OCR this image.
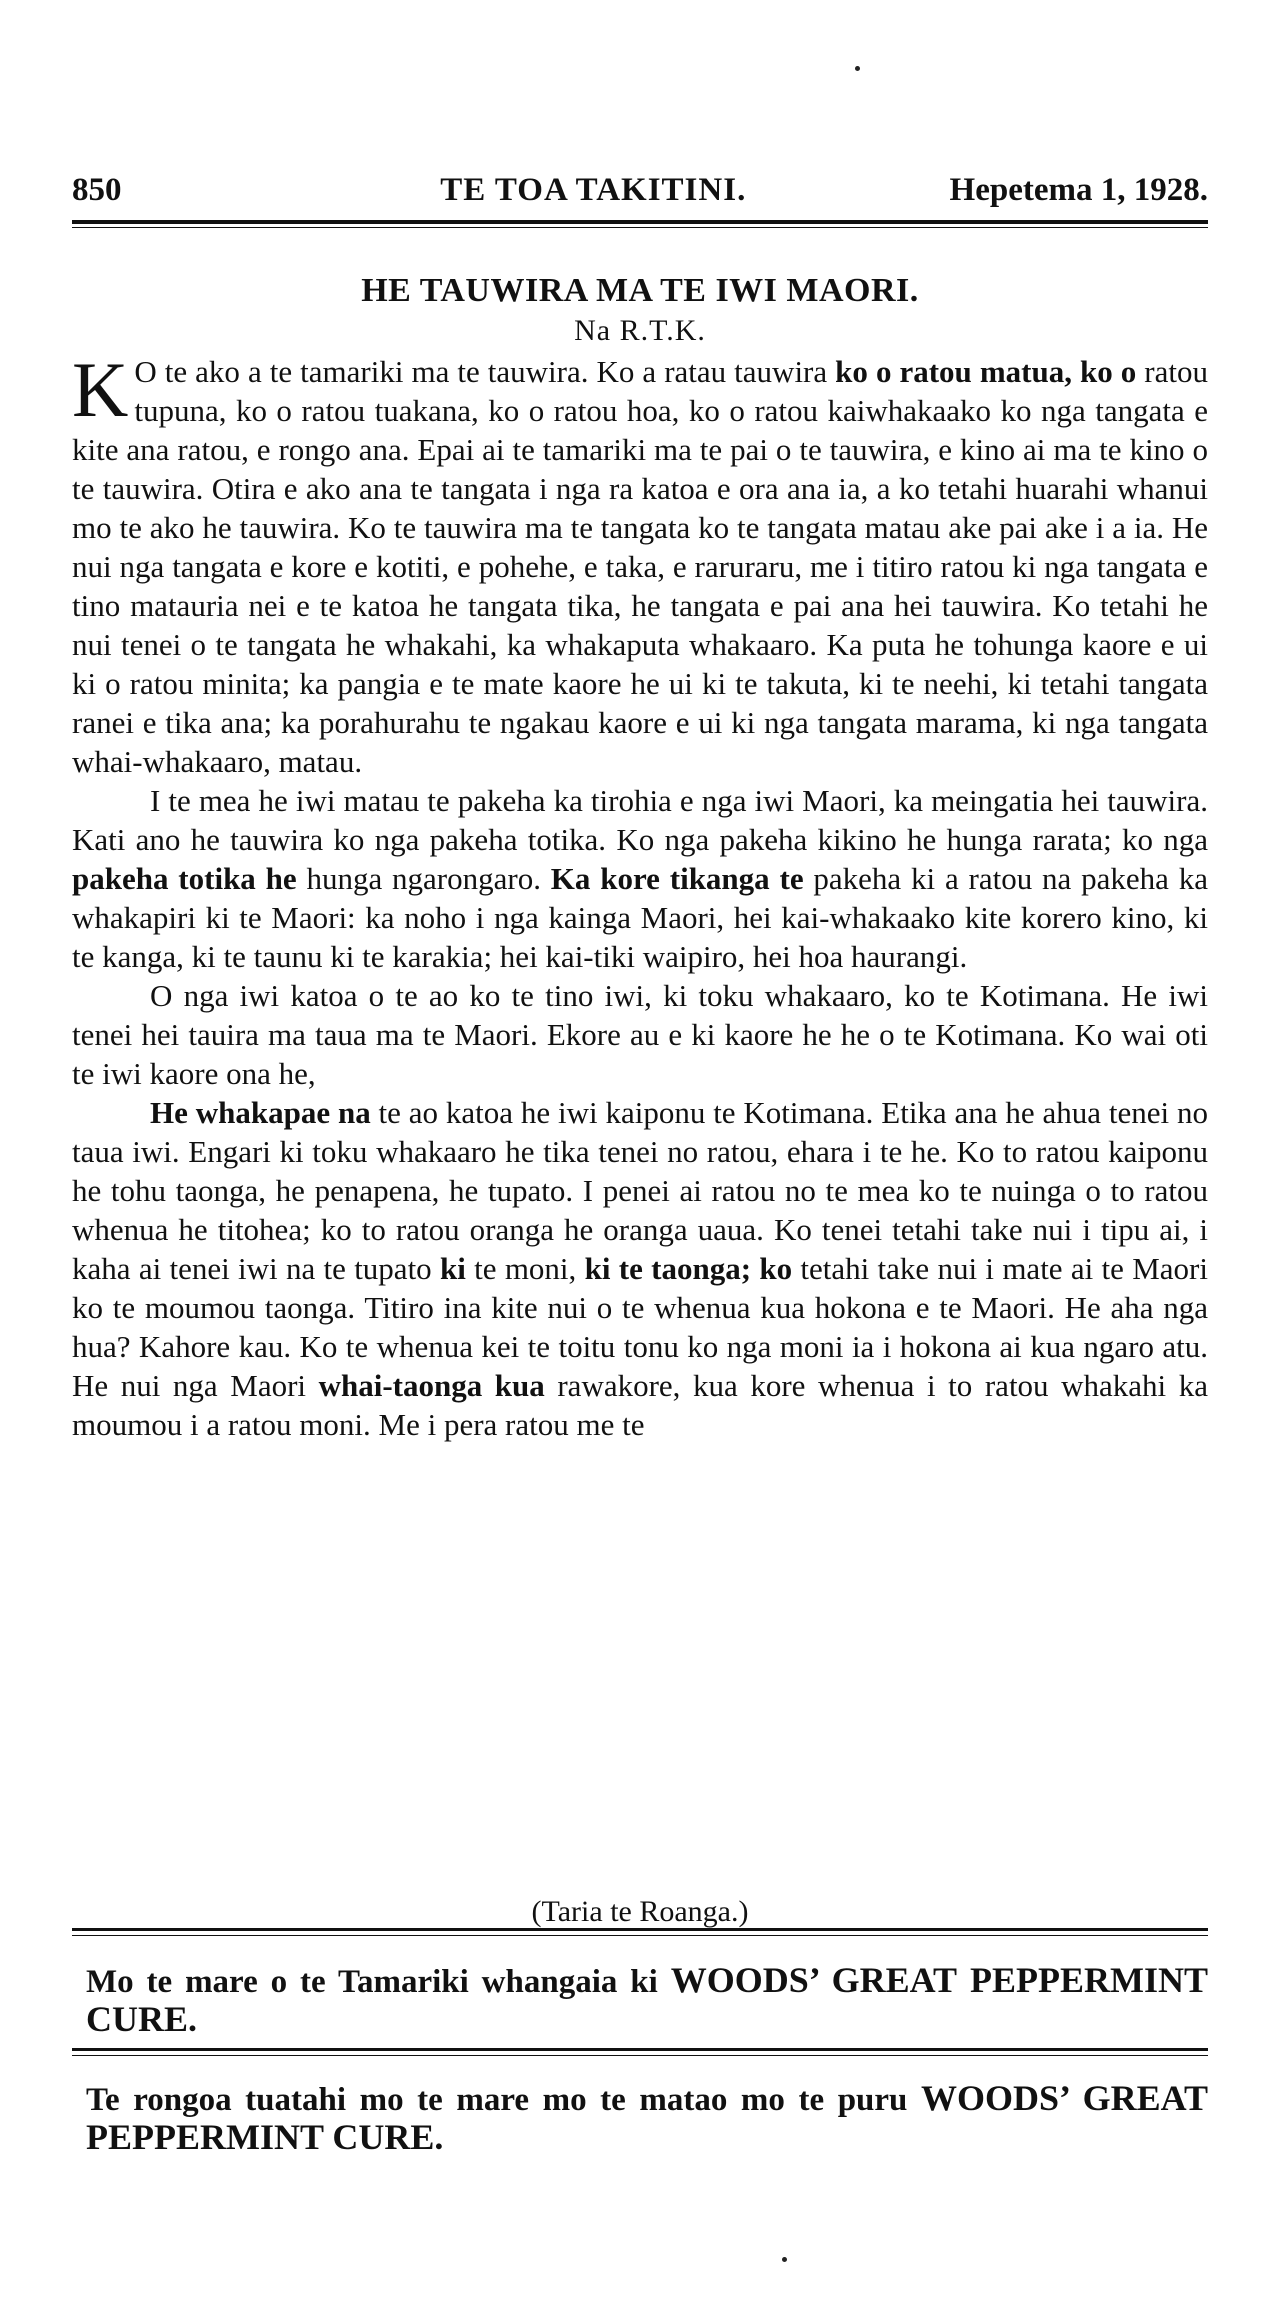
850	TE TOA TAKITINI.	Hepetema 1, 1928.
HE TAUWIRA MA TE IWI MAORI.
Na R.T.K.

K O te ako a te tamariki ma te tauwira. Ko a ratau tauwira ko o ratou matua, ko o ratou tupuna, ko o ratou tuakana, ko o ratou hoa, ko o ratou kaiwhakaako ko nga tangata e kite ana ratou, e rongo ana. Epai ai te tamariki ma te pai o te tauwira, e kino ai ma te kino o te tauwira. Otira e ako ana te tangata i nga ra katoa e ora ana ia, a ko tetahi huarahi whanui mo te ako he tauwira. Ko te tauwira ma te tangata ko te tangata matau ake pai ake i a ia. He nui nga tangata e kore e kotiti, e pohehe, e taka, e raruraru, me i titiro ratou ki nga tangata e tino matauria nei e te katoa he tangata tika, he tangata e pai ana hei tauwira. Ko tetahi he nui tenei o te tangata he whakahi, ka whakaputa whakaaro. Ka puta he tohunga kaore e ui ki o ratou minita; ka pangia e te mate kaore he ui ki te takuta, ki te neehi, ki tetahi tangata ranei e tika ana; ka porahurahu te ngakau kaore e ui ki nga tangata marama, ki nga tangata whai-whakaaro, matau.

I te mea he iwi matau te pakeha ka tirohia e nga iwi Maori, ka meingatia hei tauwira. Kati ano he tauwira ko nga pakeha totika. Ko nga pakeha kikino he hunga rarata; ko nga pakeha totika he hunga ngarongaro. Ka kore tikanga te pakeha ki a ratou na pakeha ka whakapiri ki te Maori: ka noho i nga kainga Maori, hei kai-whakaako kite korero kino, ki te kanga, ki te taunu ki te karakia; hei kai-tiki waipiro, hei hoa haurangi.

O nga iwi katoa o te ao ko te tino iwi, ki toku whakaaro, ko te Kotimana. He iwi tenei hei tauira ma taua ma te Maori. Ekore au e ki kaore he he o te Kotimana. Ko wai oti te iwi kaore ona he,

He whakapae na te ao katoa he iwi kaiponu te Kotimana. Etika ana he ahua tenei no taua iwi. Engari ki toku whakaaro he tika tenei no ratou, ehara i te he. Ko to ratou kaiponu he tohu taonga, he penapena, he tupato. I penei ai ratou no te mea ko te nuinga o to ratou whenua he titohea; ko to ratou oranga he oranga uaua. Ko tenei tetahi take nui i tipu ai, i kaha ai tenei iwi na te tupato ki te moni, ki te taonga; ko tetahi take nui i mate ai te Maori ko te moumou taonga. Titiro ina kite nui o te whenua kua hokona e te Maori. He aha nga hua? Kahore kau. Ko te whenua kei te toitu tonu ko nga moni ia i hokona ai kua ngaro atu. He nui nga Maori whai-taonga kua rawakore, kua kore whenua i to ratou whakahi ka moumou i a ratou moni. Me i pera ratou me te

(Taria te Roanga.)
Mo te mare o te Tamariki whangaia ki WOODS’ GREAT PEPPERMINT CURE.
Te rongoa tuatahi mo te mare mo te matao mo te puru WOODS’ GREAT PEPPERMINT CURE.
